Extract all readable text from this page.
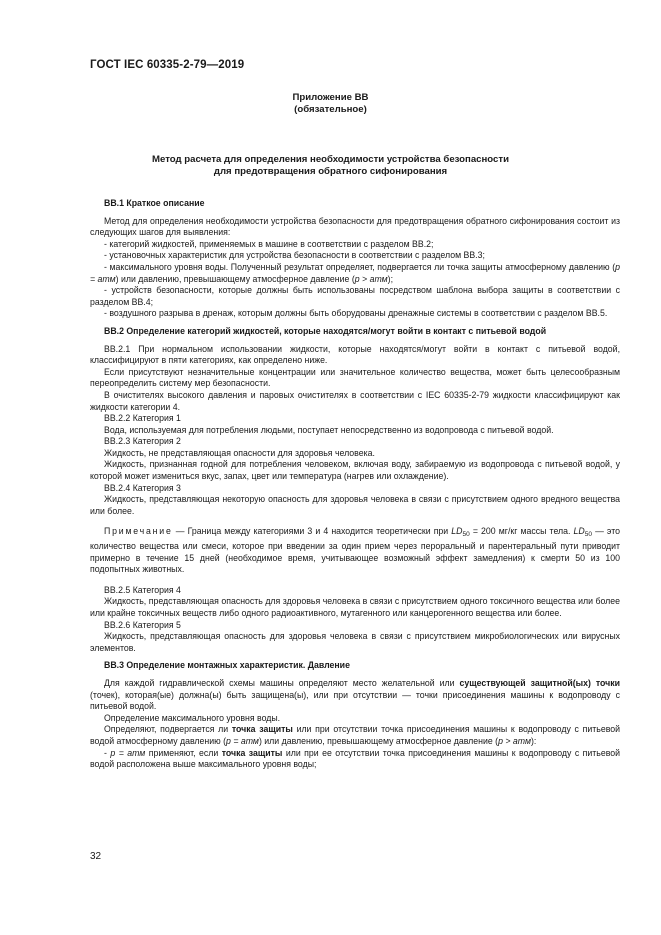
ГОСТ IEC 60335-2-79—2019
Приложение ВВ
(обязательное)
Метод расчета для определения необходимости устройства безопасности
для предотвращения обратного сифонирования

ВВ.1 Краткое описание

Метод для определения необходимости устройства безопасности для предотвращения обратного сифонирования состоит из следующих шагов для выявления:

- категорий жидкостей, применяемых в машине в соответствии с разделом ВВ.2;

- установочных характеристик для устройства безопасности в соответствии с разделом ВВ.3;

- максимального уровня воды. Полученный результат определяет, подвергается ли точка защиты атмосферному давлению (p = атм) или давлению, превышающему атмосферное давление (p > атм);

- устройств безопасности, которые должны быть использованы посредством шаблона выбора защиты в соответствии с разделом ВВ.4;

- воздушного разрыва в дренаж, которым должны быть оборудованы дренажные системы в соответствии с разделом ВВ.5.

ВВ.2 Определение категорий жидкостей, которые находятся/могут войти в контакт с питьевой водой

ВВ.2.1 При нормальном использовании жидкости, которые находятся/могут войти в контакт с питьевой водой, классифицируют в пяти категориях, как определено ниже.

Если присутствуют незначительные концентрации или значительное количество вещества, может быть целесообразным переопределить систему мер безопасности.

В очистителях высокого давления и паровых очистителях в соответствии с IEC 60335-2-79 жидкости классифицируют как жидкости категории 4.

ВВ.2.2 Категория 1

Вода, используемая для потребления людьми, поступает непосредственно из водопровода с питьевой водой.

ВВ.2.3 Категория 2

Жидкость, не представляющая опасности для здоровья человека.

Жидкость, признанная годной для потребления человеком, включая воду, забираемую из водопровода с питьевой водой, у которой может измениться вкус, запах, цвет или температура (нагрев или охлаждение).

ВВ.2.4 Категория 3

Жидкость, представляющая некоторую опасность для здоровья человека в связи с присутствием одного вредного вещества или более.

Примечание — Граница между категориями 3 и 4 находится теоретически при $LD_{50} = 200$ мг/кг массы тела. $LD_{50}$ — это количество вещества или смеси, которое при введении за один прием через пероральный и парентеральный пути приводит примерно в течение 15 дней (необходимое время, учитывающее возможный эффект замедления) к смерти 50 из 100 подопытных животных.

ВВ.2.5 Категория 4

Жидкость, представляющая опасность для здоровья человека в связи с присутствием одного токсичного вещества или более или крайне токсичных веществ либо одного радиоактивного, мутагенного или канцерогенного вещества или более.

ВВ.2.6 Категория 5

Жидкость, представляющая опасность для здоровья человека в связи с присутствием микробиологических или вирусных элементов.

ВВ.3 Определение монтажных характеристик. Давление

Для каждой гидравлической схемы машины определяют место желательной или существующей защитной(ых) точки (точек), которая(ые) должна(ы) быть защищена(ы), или при отсутствии — точки присоединения машины к водопроводу с питьевой водой.

Определение максимального уровня воды.

Определяют, подвергается ли точка защиты или при отсутствии точка присоединения машины к водопроводу с питьевой водой атмосферному давлению (p = атм) или давлению, превышающему атмосферное давление (p > атм):

- p = атм применяют, если точка защиты или при ее отсутствии точка присоединения машины к водопроводу с питьевой водой расположена выше максимального уровня воды;

32
